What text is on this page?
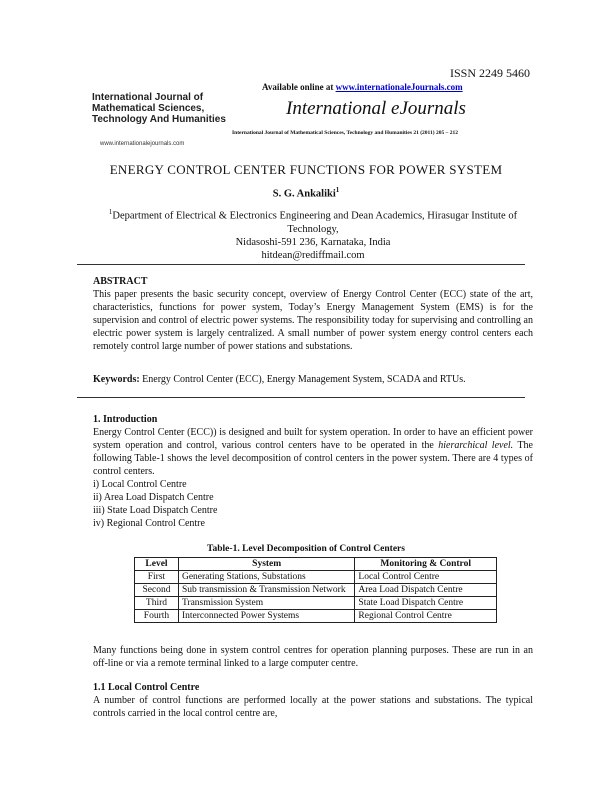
ISSN 2249 5460
International Journal of Mathematical Sciences, Technology And Humanities
www.internationalejournals.com
Available online at www.internationaleJournals.com
International eJournals
International Journal of Mathematical Sciences, Technology and Humanities 21 (2011) 205 – 212
ENERGY CONTROL CENTER FUNCTIONS FOR POWER SYSTEM
S. G. Ankaliki$^1$
$^1$Department of Electrical & Electronics Engineering and Dean Academics, Hirasugar Institute of Technology,
Nidasoshi-591 236, Karnataka, India
hitdean@rediffmail.com
ABSTRACT
This paper presents the basic security concept, overview of Energy Control Center (ECC) state of the art, characteristics, functions for power system, Today’s Energy Management System (EMS) is for the supervision and control of electric power systems. The responsibility today for supervising and controlling an electric power system is largely centralized. A small number of power system energy control centers each remotely control large number of power stations and substations.
Keywords: Energy Control Center (ECC), Energy Management System, SCADA and RTUs.
1. Introduction
Energy Control Center (ECC)) is designed and built for system operation. In order to have an efficient power system operation and control, various control centers have to be operated in the hierarchical level. The following Table-1 shows the level decomposition of control centers in the power system. There are 4 types of control centers.
i) Local Control Centre
ii) Area Load Dispatch Centre
iii) State Load Dispatch Centre
iv) Regional Control Centre
Table-1. Level Decomposition of Control Centers
Level	System	Monitoring & Control
First	Generating Stations, Substations	Local Control Centre
Second	Sub transmission & Transmission Network	Area Load Dispatch Centre
Third	Transmission System	State Load Dispatch Centre
Fourth	Interconnected Power Systems	Regional Control Centre
Many functions being done in system control centres for operation planning purposes. These are run in an off-line or via a remote terminal linked to a large computer centre.
1.1 Local Control Centre
A number of control functions are performed locally at the power stations and substations. The typical controls carried in the local control centre are,
